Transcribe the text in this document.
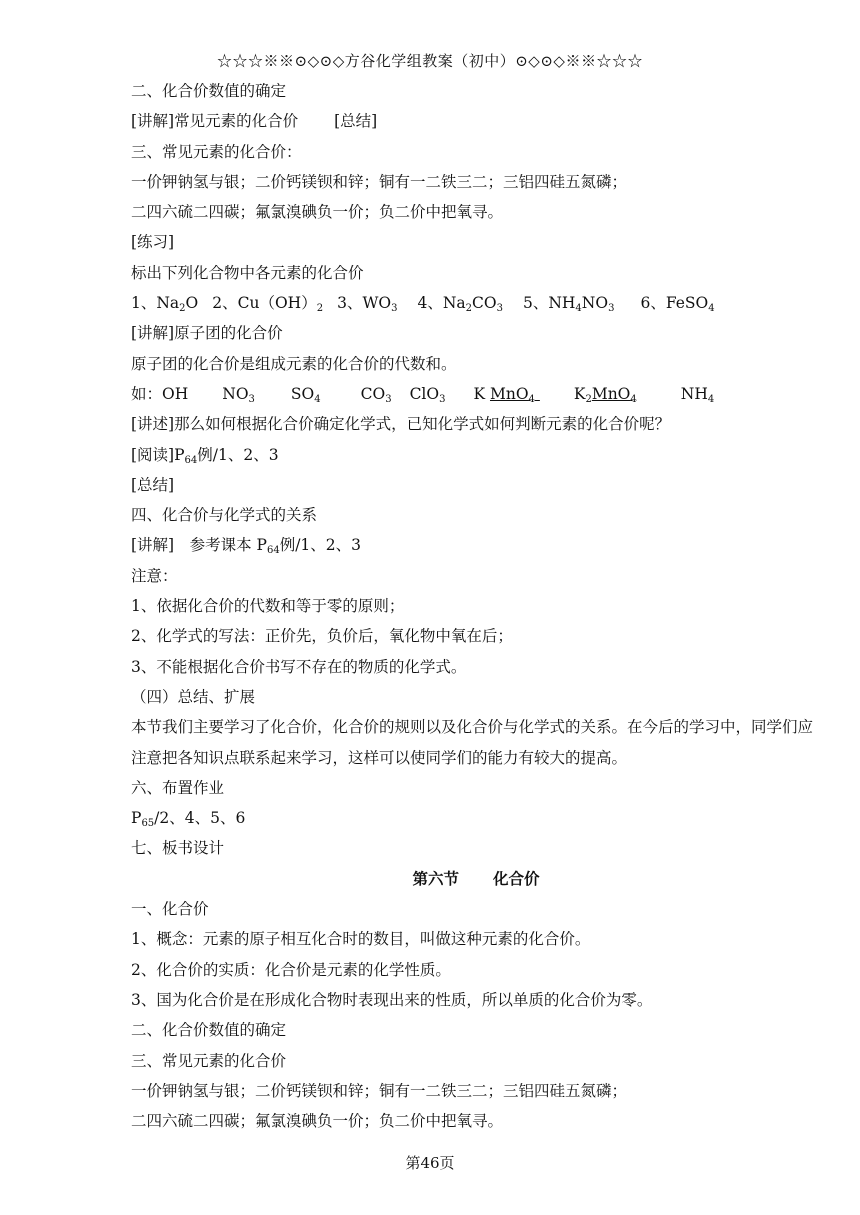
☆☆☆※※⊙◇⊙◇方谷化学组教案（初中）⊙◇⊙◇※※☆☆☆
二、化合价数值的确定
[讲解]常见元素的化合价 [总结]
三、常见元素的化合价：
一价钾钠氢与银；二价钙镁钡和锌；铜有一二铁三二；三铝四硅五氮磷；
二四六硫二四碳；氟氯溴碘负一价；负二价中把氧寻。
[练习]
标出下列化合物中各元素的化合价
1、$Na_2O$ 2、$Cu(OH)_2$ 3、$WO_3$ 4、$Na_2CO_3$ 5、$NH_4NO_3$ 6、FeSO$_4$
[讲解]原子团的化合价
原子团的化合价是组成元素的化合价的代数和。
如：OH $NO_3$ $SO_4$	$CO_3$ ClO$_3$ K MnO$_4$	$K_2MnO_4$	$NH_4$
[讲述]那么如何根据化合价确定化学式，已知化学式如何判断元素的化合价呢？
[阅读]$P_{64}$例/1、2、3
[总结]
四、化合价与化学式的关系
[讲解]　参考课本 $P_{64}$例/1、2、3
注意：
1、依据化合价的代数和等于零的原则；
2、化学式的写法：正价先，负价后，氧化物中氧在后；
3、不能根据化合价书写不存在的物质的化学式。
（四）总结、扩展
本节我们主要学习了化合价，化合价的规则以及化合价与化学式的关系。在今后的学习中，同学们应注意把各知识点联系起来学习，这样可以使同学们的能力有较大的提高。
六、布置作业
$P_{65}/2$、4、5、6
七、板书设计
第六节 化合价
一、化合价
1、概念：元素的原子相互化合时的数目，叫做这种元素的化合价。
2、化合价的实质：化合价是元素的化学性质。
3、国为化合价是在形成化合物时表现出来的性质，所以单质的化合价为零。
二、化合价数值的确定
三、常见元素的化合价
一价钾钠氢与银；二价钙镁钡和锌；铜有一二铁三二；三铝四硅五氮磷；
二四六硫二四碳；氟氯溴碘负一价；负二价中把氧寻。
第46页
